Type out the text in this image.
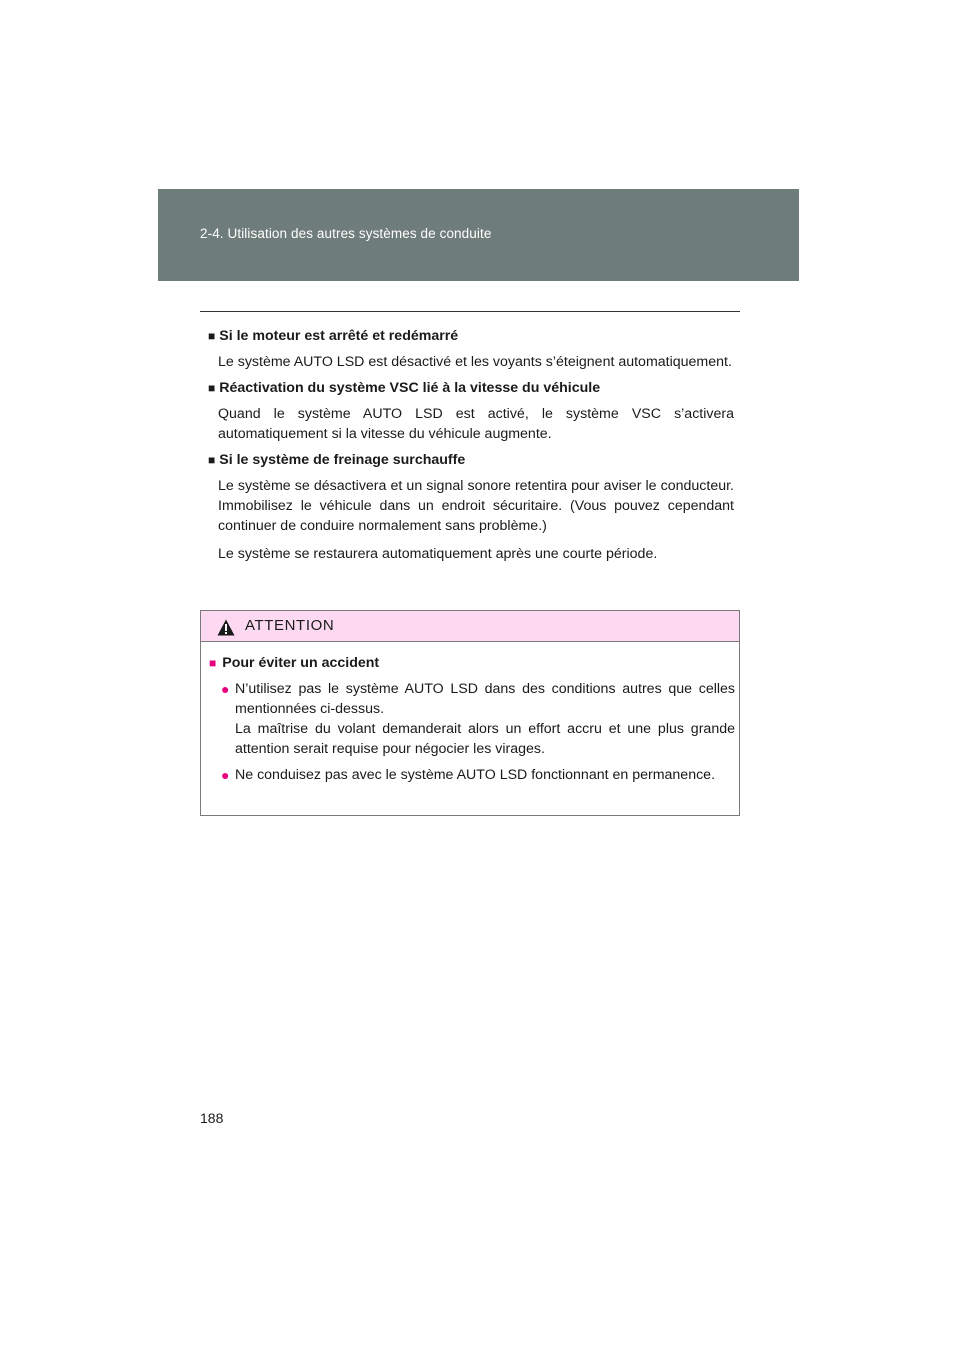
2-4. Utilisation des autres systèmes de conduite
■ Si le moteur est arrêté et redémarré
Le système AUTO LSD est désactivé et les voyants s’éteignent automatiquement.
■ Réactivation du système VSC lié à la vitesse du véhicule
Quand le système AUTO LSD est activé, le système VSC s’activera automatiquement si la vitesse du véhicule augmente.
■ Si le système de freinage surchauffe
Le système se désactivera et un signal sonore retentira pour aviser le conducteur. Immobilisez le véhicule dans un endroit sécuritaire. (Vous pouvez cependant continuer de conduire normalement sans problème.)
Le système se restaurera automatiquement après une courte période.
ATTENTION
■ Pour éviter un accident
● N’utilisez pas le système AUTO LSD dans des conditions autres que celles mentionnées ci-dessus.
La maîtrise du volant demanderait alors un effort accru et une plus grande attention serait requise pour négocier les virages.
● Ne conduisez pas avec le système AUTO LSD fonctionnant en permanence.
188
